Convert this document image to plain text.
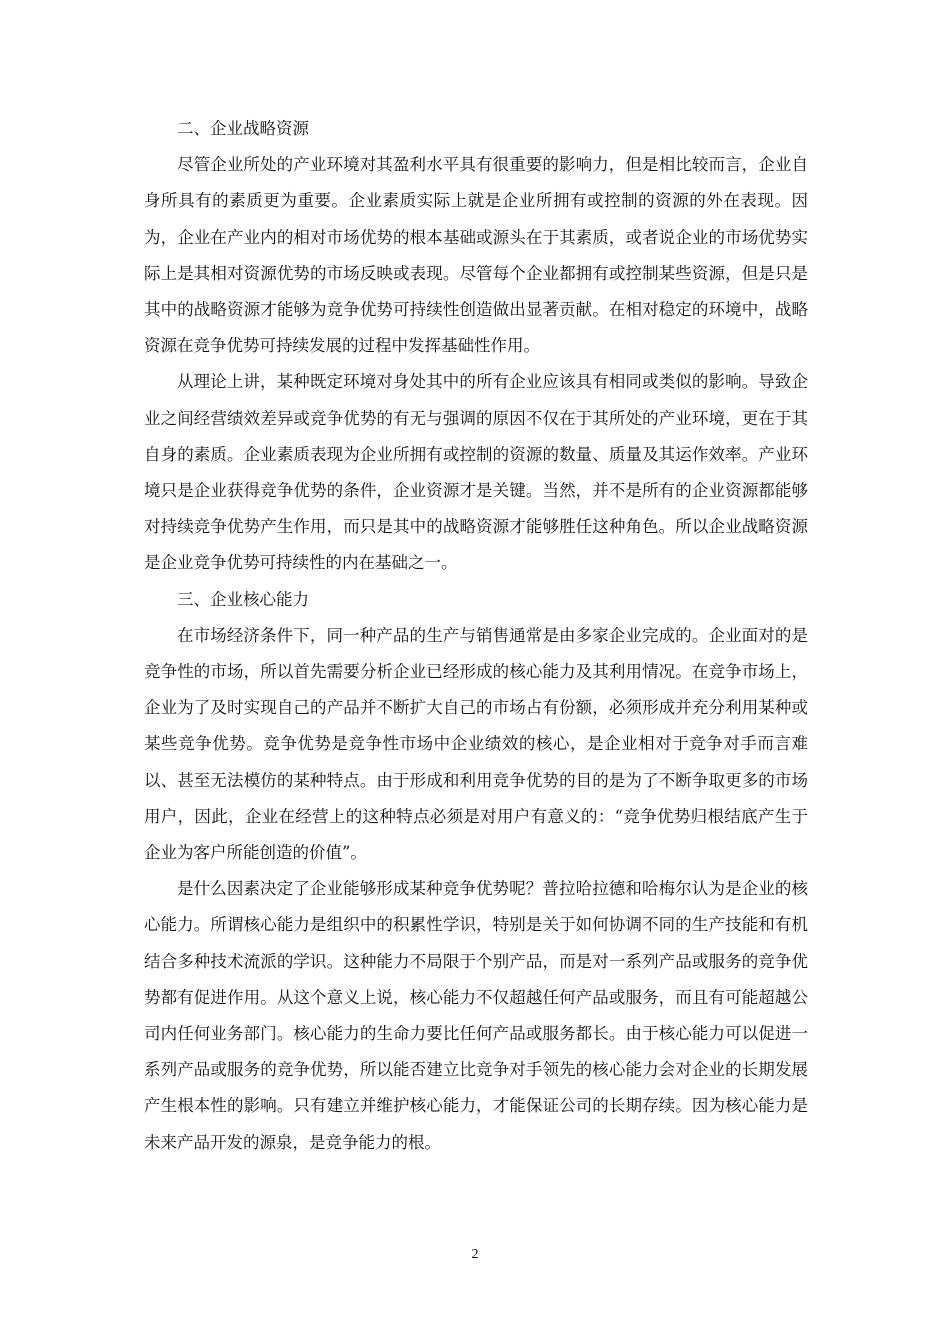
二、企业战略资源

尽管企业所处的产业环境对其盈利水平具有很重要的影响力，但是相比较而言，企业自身所具有的素质更为重要。企业素质实际上就是企业所拥有或控制的资源的外在表现。因为，企业在产业内的相对市场优势的根本基础或源头在于其素质，或者说企业的市场优势实际上是其相对资源优势的市场反映或表现。尽管每个企业都拥有或控制某些资源，但是只是其中的战略资源才能够为竞争优势可持续性创造做出显著贡献。在相对稳定的环境中，战略资源在竞争优势可持续发展的过程中发挥基础性作用。

从理论上讲，某种既定环境对身处其中的所有企业应该具有相同或类似的影响。导致企业之间经营绩效差异或竞争优势的有无与强调的原因不仅在于其所处的产业环境，更在于其自身的素质。企业素质表现为企业所拥有或控制的资源的数量、质量及其运作效率。产业环境只是企业获得竞争优势的条件，企业资源才是关键。当然，并不是所有的企业资源都能够对持续竞争优势产生作用，而只是其中的战略资源才能够胜任这种角色。所以企业战略资源是企业竞争优势可持续性的内在基础之一。

三、企业核心能力

在市场经济条件下，同一种产品的生产与销售通常是由多家企业完成的。企业面对的是竞争性的市场，所以首先需要分析企业已经形成的核心能力及其利用情况。在竞争市场上，企业为了及时实现自己的产品并不断扩大自己的市场占有份额，必须形成并充分利用某种或某些竞争优势。竞争优势是竞争性市场中企业绩效的核心，是企业相对于竞争对手而言难以、甚至无法模仿的某种特点。由于形成和利用竞争优势的目的是为了不断争取更多的市场用户，因此，企业在经营上的这种特点必须是对用户有意义的：“竞争优势归根结底产生于企业为客户所能创造的价值”。

是什么因素决定了企业能够形成某种竞争优势呢？普拉哈拉德和哈梅尔认为是企业的核心能力。所谓核心能力是组织中的积累性学识，特别是关于如何协调不同的生产技能和有机结合多种技术流派的学识。这种能力不局限于个别产品，而是对一系列产品或服务的竞争优势都有促进作用。从这个意义上说，核心能力不仅超越任何产品或服务，而且有可能超越公司内任何业务部门。核心能力的生命力要比任何产品或服务都长。由于核心能力可以促进一系列产品或服务的竞争优势，所以能否建立比竞争对手领先的核心能力会对企业的长期发展产生根本性的影响。只有建立并维护核心能力，才能保证公司的长期存续。因为核心能力是未来产品开发的源泉，是竞争能力的根。

2
